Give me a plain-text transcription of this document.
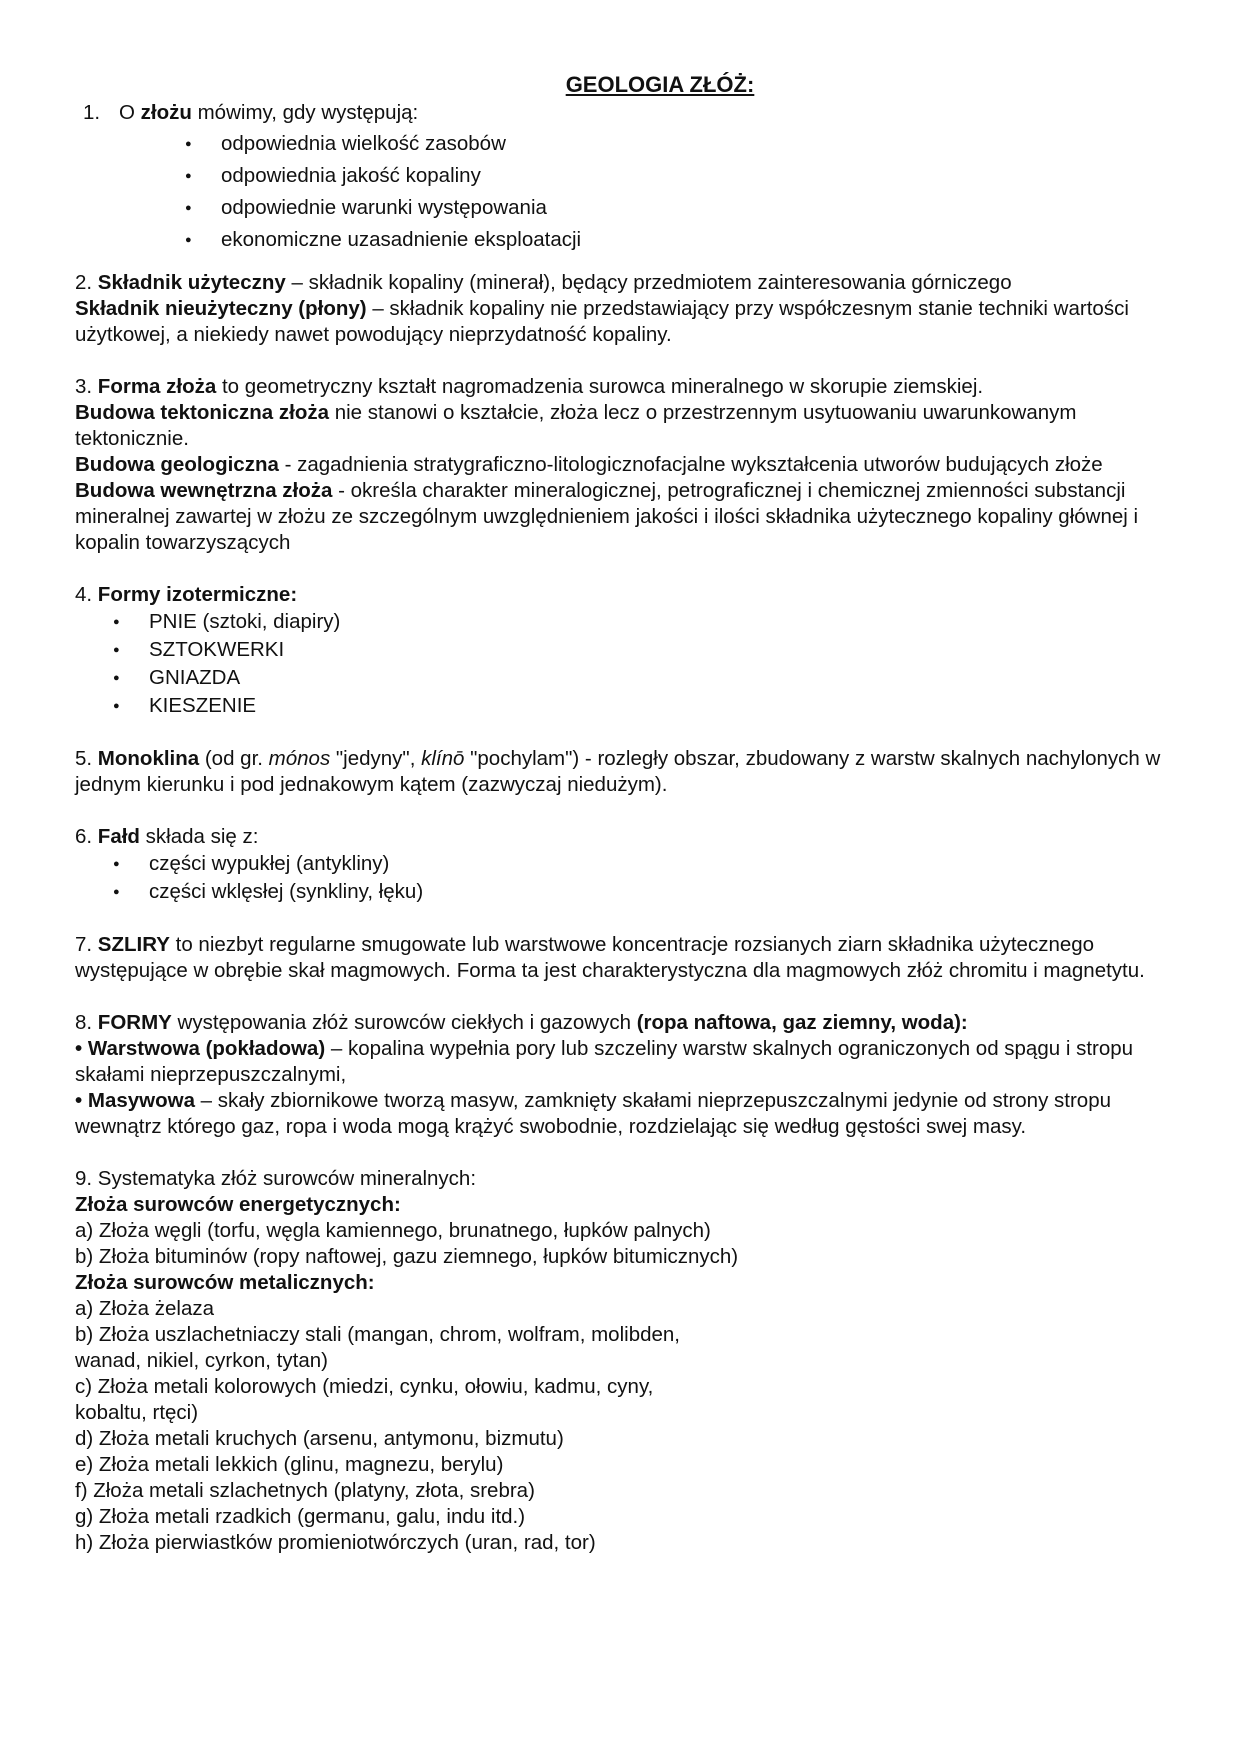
GEOLOGIA ZŁÓŻ:
1. O złożu mówimy, gdy występują:
● odpowiednia wielkość zasobów
● odpowiednia jakość kopaliny
● odpowiednie warunki występowania
● ekonomiczne uzasadnienie eksploatacji

2. Składnik użyteczny – składnik kopaliny (minerał), będący przedmiotem zainteresowania górniczego

Składnik nieużyteczny (płony) – składnik kopaliny nie przedstawiający przy współczesnym stanie techniki wartości użytkowej, a niekiedy nawet powodujący nieprzydatność kopaliny.

3. Forma złoża to geometryczny kształt nagromadzenia surowca mineralnego w skorupie ziemskiej.

Budowa tektoniczna złoża nie stanowi o kształcie, złoża lecz o przestrzennym usytuowaniu uwarunkowanym tektonicznie.

Budowa geologiczna - zagadnienia stratygraficzno-litologicznofacjalne wykształcenia utworów budujących złoże

Budowa wewnętrzna złoża - określa charakter mineralogicznej, petrograficznej i chemicznej zmienności substancji mineralnej zawartej w złożu ze szczególnym uwzględnieniem jakości i ilości składnika użytecznego kopaliny głównej i kopalin towarzyszących

4. Formy izotermiczne:

● PNIE (sztoki, diapiry)
● SZTOKWERKI
● GNIAZDA
● KIESZENIE

5. Monoklina (od gr. mónos "jedyny", klínō "pochylam") - rozległy obszar, zbudowany z warstw skalnych nachylonych w jednym kierunku i pod jednakowym kątem (zazwyczaj niedużym).

6. Fałd składa się z:

● części wypukłej (antykliny)
● części wklęsłej (synkliny, łęku)

7. SZLIRY to niezbyt regularne smugowate lub warstwowe koncentracje rozsianych ziarn składnika użytecznego występujące w obrębie skał magmowych. Forma ta jest charakterystyczna dla magmowych złóż chromitu i magnetytu.

8. FORMY występowania złóż surowców ciekłych i gazowych (ropa naftowa, gaz ziemny, woda):

• Warstwowa (pokładowa) – kopalina wypełnia pory lub szczeliny warstw skalnych ograniczonych od spągu i stropu skałami nieprzepuszczalnymi,

• Masywowa – skały zbiornikowe tworzą masyw, zamknięty skałami nieprzepuszczalnymi jedynie od strony stropu wewnątrz którego gaz, ropa i woda mogą krążyć swobodnie, rozdzielając się według gęstości swej masy.

9. Systematyka złóż surowców mineralnych:

Złoża surowców energetycznych:

a) Złoża węgli (torfu, węgla kamiennego, brunatnego, łupków palnych)

b) Złoża bituminów (ropy naftowej, gazu ziemnego, łupków bitumicznych)

Złoża surowców metalicznych:

a) Złoża żelaza

b) Złoża uszlachetniaczy stali (mangan, chrom, wolfram, molibden,

wanad, nikiel, cyrkon, tytan)

c) Złoża metali kolorowych (miedzi, cynku, ołowiu, kadmu, cyny,

kobaltu, rtęci)

d) Złoża metali kruchych (arsenu, antymonu, bizmutu)

e) Złoża metali lekkich (glinu, magnezu, berylu)

f) Złoża metali szlachetnych (platyny, złota, srebra)

g) Złoża metali rzadkich (germanu, galu, indu itd.)

h) Złoża pierwiastków promieniotwórczych (uran, rad, tor)
